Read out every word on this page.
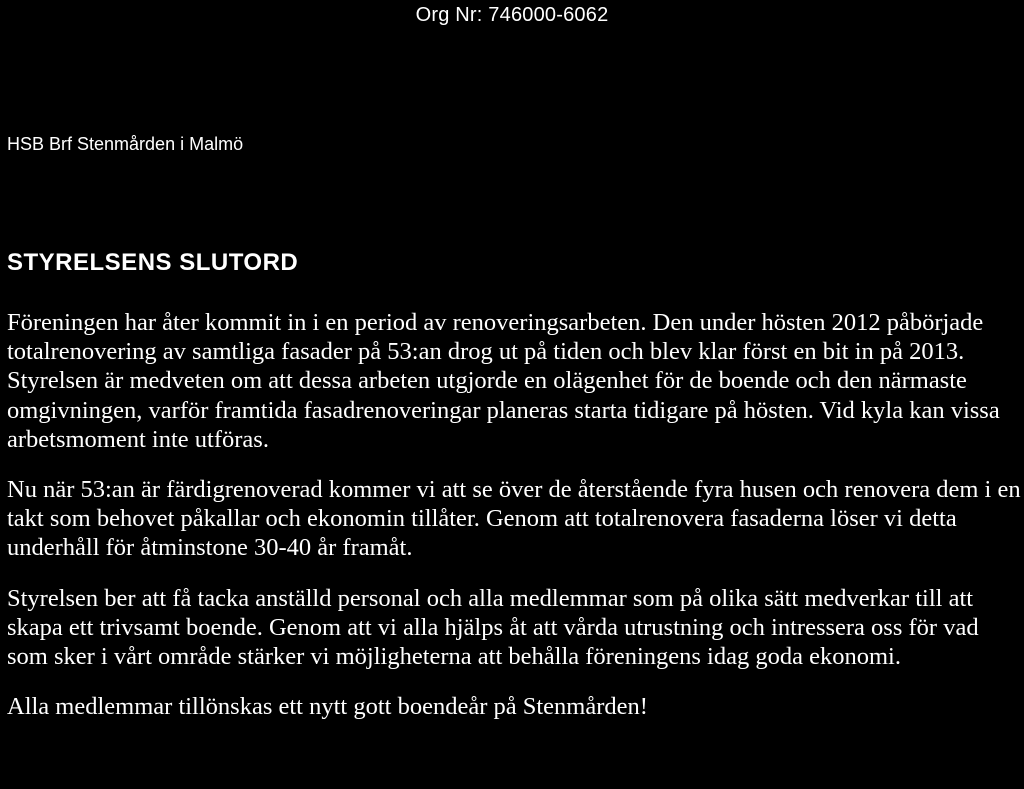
Org Nr: 746000-6062
HSB Brf Stenmården i Malmö
STYRELSENS SLUTORD

Föreningen har åter kommit in i en period av renoveringsarbeten. Den under hösten 2012 påbörjade totalrenovering av samtliga fasader på 53:an drog ut på tiden och blev klar först en bit in på 2013. Styrelsen är medveten om att dessa arbeten utgjorde en olägenhet för de boende och den närmaste omgivningen, varför framtida fasadrenoveringar planeras starta tidigare på hösten. Vid kyla kan vissa arbetsmoment inte utföras.

Nu när 53:an är färdigrenoverad kommer vi att se över de återstående fyra husen och renovera dem i en takt som behovet påkallar och ekonomin tillåter. Genom att totalrenovera fasaderna löser vi detta underhåll för åtminstone 30-40 år framåt.

Styrelsen ber att få tacka anställd personal och alla medlemmar som på olika sätt medverkar till att skapa ett trivsamt boende. Genom att vi alla hjälps åt att vårda utrustning och intressera oss för vad som sker i vårt område stärker vi möjligheterna att behålla föreningens idag goda ekonomi.

Alla medlemmar tillönskas ett nytt gott boendeår på Stenmården!
